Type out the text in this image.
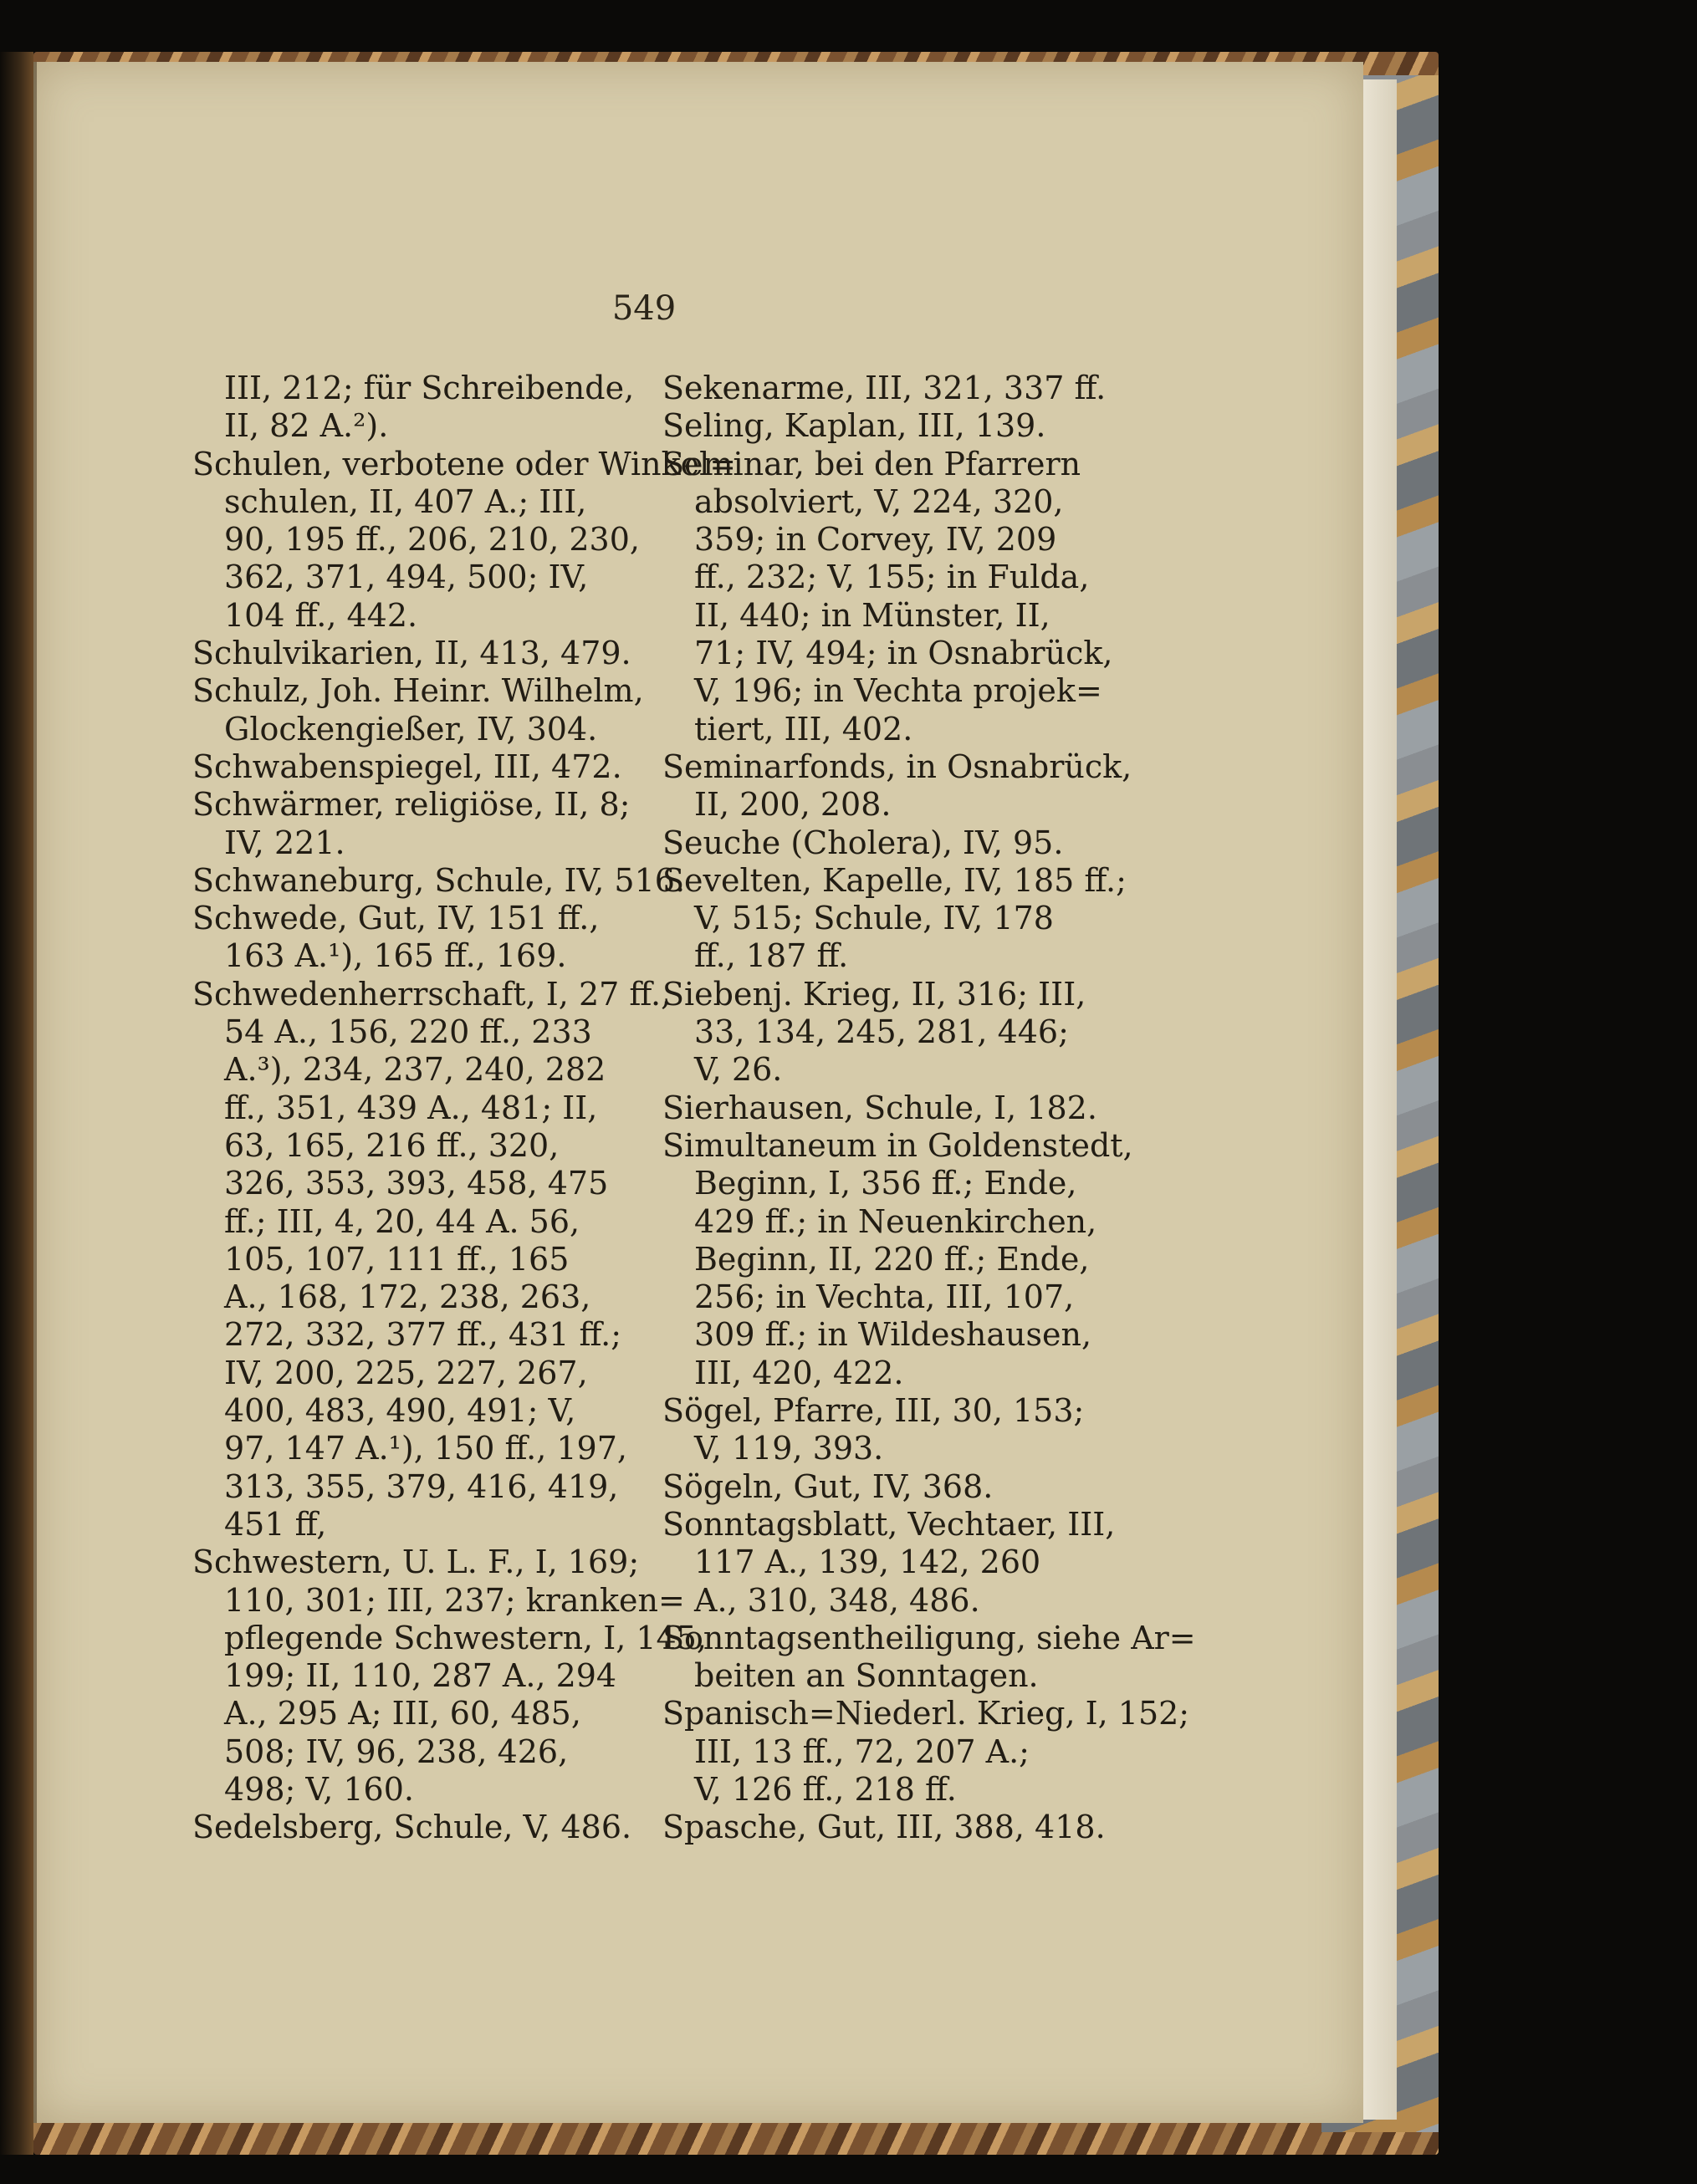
549
III, 212; für Schreibende,
II, 82 A.²).
Schulen, verbotene oder Winkel=
schulen, II, 407 A.; III,
90, 195 ff., 206, 210, 230,
362, 371, 494, 500; IV,
104 ff., 442.
Schulvikarien, II, 413, 479.
Schulz, Joh. Heinr. Wilhelm,
Glockengießer, IV, 304.
Schwabenspiegel, III, 472.
Schwärmer, religiöse, II, 8;
IV, 221.
Schwaneburg, Schule, IV, 516.
Schwede, Gut, IV, 151 ff.,
163 A.¹), 165 ff., 169.
Schwedenherrschaft, I, 27 ff.,
54 A., 156, 220 ff., 233
A.³), 234, 237, 240, 282
ff., 351, 439 A., 481; II,
63, 165, 216 ff., 320,
326, 353, 393, 458, 475
ff.; III, 4, 20, 44 A. 56,
105, 107, 111 ff., 165
A., 168, 172, 238, 263,
272, 332, 377 ff., 431 ff.;
IV, 200, 225, 227, 267,
400, 483, 490, 491; V,
97, 147 A.¹), 150 ff., 197,
313, 355, 379, 416, 419,
451 ff,
Schwestern, U. L. F., I, 169;
110, 301; III, 237; kranken=
pflegende Schwestern, I, 145,
199; II, 110, 287 A., 294
A., 295 A; III, 60, 485,
508; IV, 96, 238, 426,
498; V, 160.
Sedelsberg, Schule, V, 486.
Sekenarme, III, 321, 337 ff.
Seling, Kaplan, III, 139.
Seminar, bei den Pfarrern
absolviert, V, 224, 320,
359; in Corvey, IV, 209
ff., 232; V, 155; in Fulda,
II, 440; in Münster, II,
71; IV, 494; in Osnabrück,
V, 196; in Vechta projek=
tiert, III, 402.
Seminarfonds, in Osnabrück,
II, 200, 208.
Seuche (Cholera), IV, 95.
Sevelten, Kapelle, IV, 185 ff.;
V, 515; Schule, IV, 178
ff., 187 ff.
Siebenj. Krieg, II, 316; III,
33, 134, 245, 281, 446;
V, 26.
Sierhausen, Schule, I, 182.
Simultaneum in Goldenstedt,
Beginn, I, 356 ff.; Ende,
429 ff.; in Neuenkirchen,
Beginn, II, 220 ff.; Ende,
256; in Vechta, III, 107,
309 ff.; in Wildeshausen,
III, 420, 422.
Sögel, Pfarre, III, 30, 153;
V, 119, 393.
Sögeln, Gut, IV, 368.
Sonntagsblatt, Vechtaer, III,
117 A., 139, 142, 260
A., 310, 348, 486.
Sonntagsentheiligung, siehe Ar=
beiten an Sonntagen.
Spanisch=Niederl. Krieg, I, 152;
III, 13 ff., 72, 207 A.;
V, 126 ff., 218 ff.
Spasche, Gut, III, 388, 418.
